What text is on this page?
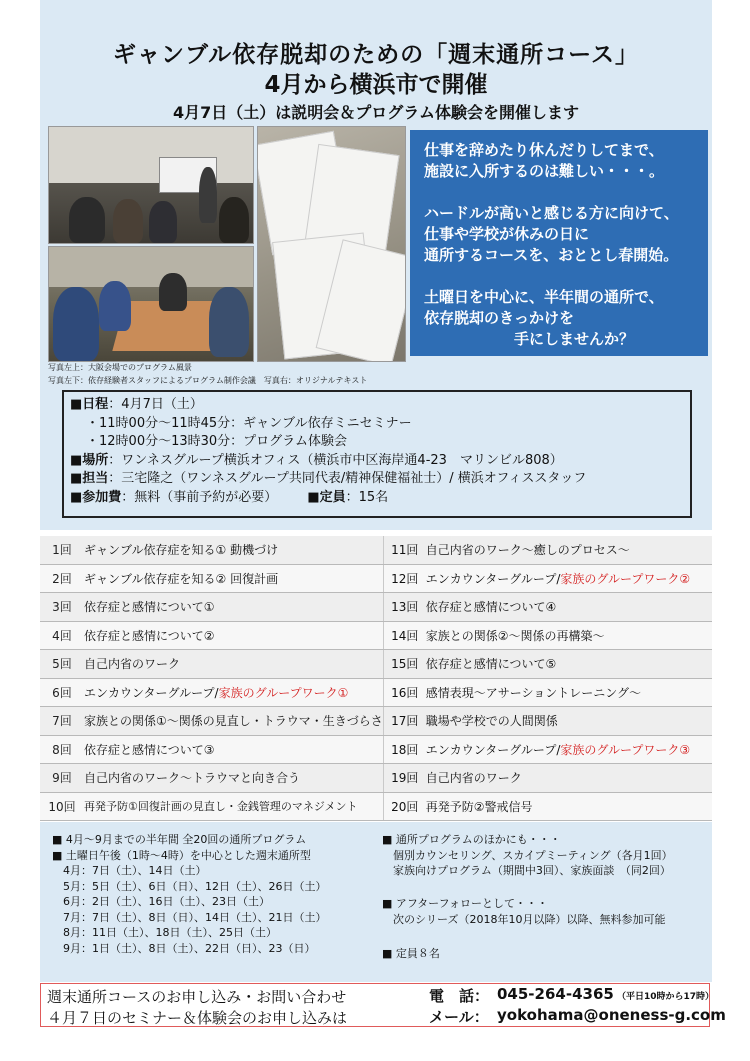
ギャンブル依存脱却のための「週末通所コース」
4月から横浜市で開催
4月7日（土）は説明会＆プログラム体験会を開催します

仕事を辞めたり休んだりしてまで、
施設に入所するのは難しい・・・。

ハードルが高いと感じる方に向けて、
仕事や学校が休みの日に
通所するコースを、おととし春開始。

土曜日を中心に、半年間の通所で、
依存脱却のきっかけを
　　　　　　手にしませんか？

写真左上：大阪会場でのプログラム風景
写真左下：依存経験者スタッフによるプログラム制作会議　写真右：オリジナルテキスト
■日程：4月7日（土）
・11時00分～11時45分：ギャンブル依存ミニセミナー
・12時00分～13時30分：プログラム体験会
■場所：ワンネスグループ横浜オフィス（横浜市中区海岸通4-23　マリンビル808）
■担当：三宅隆之（ワンネスグループ共同代表/精神保健福祉士）/ 横浜オフィススタッフ
■参加費：無料（事前予約が必要） ■定員：15名
1回	ギャンブル依存症を知る① 動機づけ	11回	自己内省のワーク～癒しのプロセス～
2回	ギャンブル依存症を知る② 回復計画	12回	エンカウンターグループ/家族のグループワーク②
3回	依存症と感情について①	13回	依存症と感情について④
4回	依存症と感情について②	14回	家族との関係②～関係の再構築～
5回	自己内省のワーク	15回	依存症と感情について⑤
6回	エンカウンターグループ/家族のグループワーク①	16回	感情表現～アサーショントレーニング～
7回	家族との関係①～関係の見直し・トラウマ・生きづらさ	17回	職場や学校での人間関係
8回	依存症と感情について③	18回	エンカウンターグループ/家族のグループワーク③
9回	自己内省のワーク～トラウマと向き合う	19回	自己内省のワーク
10回	再発予防①回復計画の見直し・金銭管理のマネジメント	20回	再発予防②警戒信号
■ 4月～9月までの半年間 全20回の通所プログラム
■ 土曜日午後（1時～4時）を中心とした週末通所型
　4月：7日（土）、14日（土）
　5月：5日（土）、6日（日）、12日（土）、26日（土）
　6月：2日（土）、16日（土）、23日（土）
　7月：7日（土）、8日（日）、14日（土）、21日（土）
　8月：11日（土）、18日（土）、25日（土）
　9月：1日（土）、8日（土）、22日（日）、23（日）
■ 通所プログラムのほかにも・・・
　個別カウンセリング、スカイプミーティング（各月1回）
　家族向けプログラム（期間中3回）、家族面談　（同2回）
■ アフターフォローとして・・・
　次のシリーズ（2018年10月以降）以降、無料参加可能
■ 定員８名
週末通所コースのお申し込み・お問い合わせ	電　話： 045-264-4365 （平日10時から17時）
４月７日のセミナー＆体験会のお申し込みは	メール： yokohama@oneness-g.com
